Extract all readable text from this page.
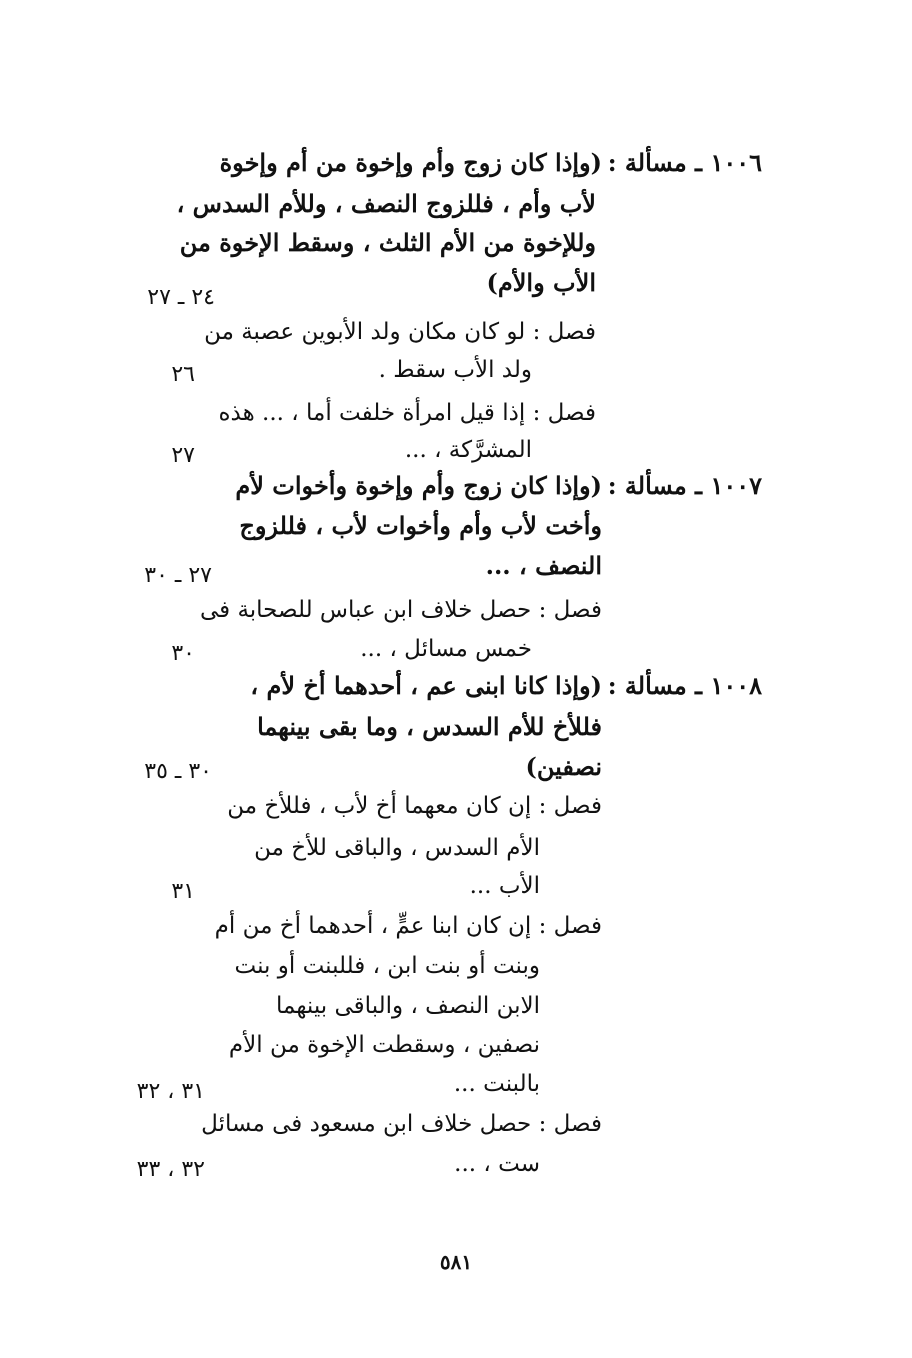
١٠٠٦ ـ مسألة :
(وإذا كان زوج وأم وإخوة من أم وإخوة
لأب وأم ، فللزوج النصف ، وللأم السدس ،
وللإخوة من الأم الثلث ، وسقط الإخوة من
الأب والأم)
٢٤ ـ ٢٧
فصل : لو كان مكان ولد الأبوين عصبة من
ولد الأب سقط .
٢٦
فصل : إذا قيل امرأة خلفت أما ، ... هذه
المشرَّكة ، ...
٢٧
١٠٠٧ ـ مسألة :
(وإذا كان زوج وأم وإخوة وأخوات لأم
وأخت لأب وأم وأخوات لأب ، فللزوج
النصف ، ...
٢٧ ـ ٣٠
فصل : حصل خلاف ابن عباس للصحابة فى
خمس مسائل ، ...
٣٠
١٠٠٨ ـ مسألة :
(وإذا كانا ابنى عم ، أحدهما أخ لأم ،
فللأخ للأم السدس ، وما بقى بينهما
نصفين)
٣٠ ـ ٣٥
فصل : إن كان معهما أخ لأب ، فللأخ من
الأم السدس ، والباقى للأخ من
الأب ...
٣١
فصل : إن كان ابنا عمٍّ ، أحدهما أخ من أم
وبنت أو بنت ابن ، فللبنت أو بنت
الابن النصف ، والباقى بينهما
نصفين ، وسقطت الإخوة من الأم
بالبنت ...
٣١ ، ٣٢
فصل : حصل خلاف ابن مسعود فى مسائل
ست ، ...
٣٢ ، ٣٣
٥٨١
